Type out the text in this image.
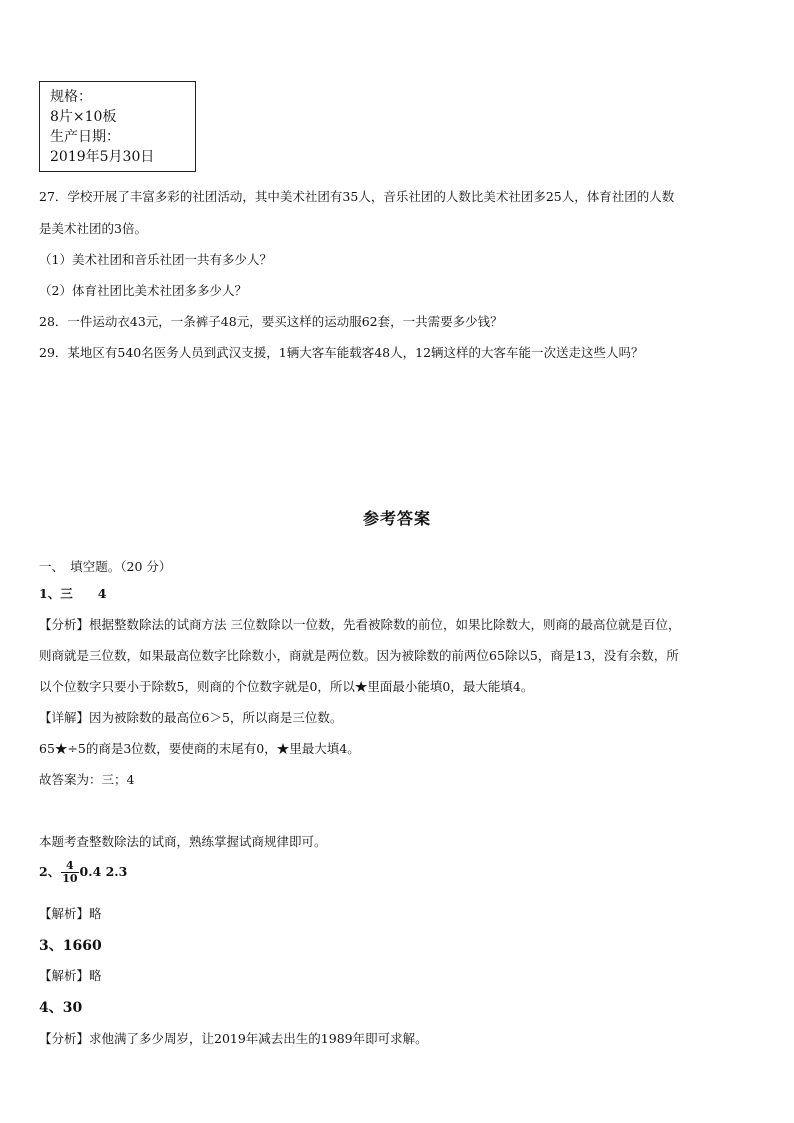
规格：
8片×10板
生产日期：
2019年5月30日
27．学校开展了丰富多彩的社团活动，其中美术社团有35人，音乐社团的人数比美术社团多25人，体育社团的人数
是美术社团的3倍。
（1）美术社团和音乐社团一共有多少人？
（2）体育社团比美术社团多多少人？
28．一件运动衣43元，一条裤子48元，要买这样的运动服62套，一共需要多少钱？
29．某地区有540名医务人员到武汉支援，1辆大客车能载客48人，12辆这样的大客车能一次送走这些人吗？
参考答案
一、　填空题。（20 分）
1、三　　4
【分析】根据整数除法的试商方法 三位数除以一位数，先看被除数的前位，如果比除数大，则商的最高位就是百位，
则商就是三位数，如果最高位数字比除数小，商就是两位数。因为被除数的前两位65除以5，商是13，没有余数，所
以个位数字只要小于除数5，则商的个位数字就是0，所以★里面最小能填0，最大能填4。
【详解】因为被除数的最高位6＞5，所以商是三位数。
65★÷5的商是3位数，要使商的末尾有0，★里最大填4。
故答案为：三；4
本题考查整数除法的试商，熟练掌握试商规律即可。
2、 $\frac{4}{10} 0.4$ 2.3
【解析】略
3、1660
【解析】略
4、30
【分析】求他满了多少周岁，让2019年减去出生的1989年即可求解。
